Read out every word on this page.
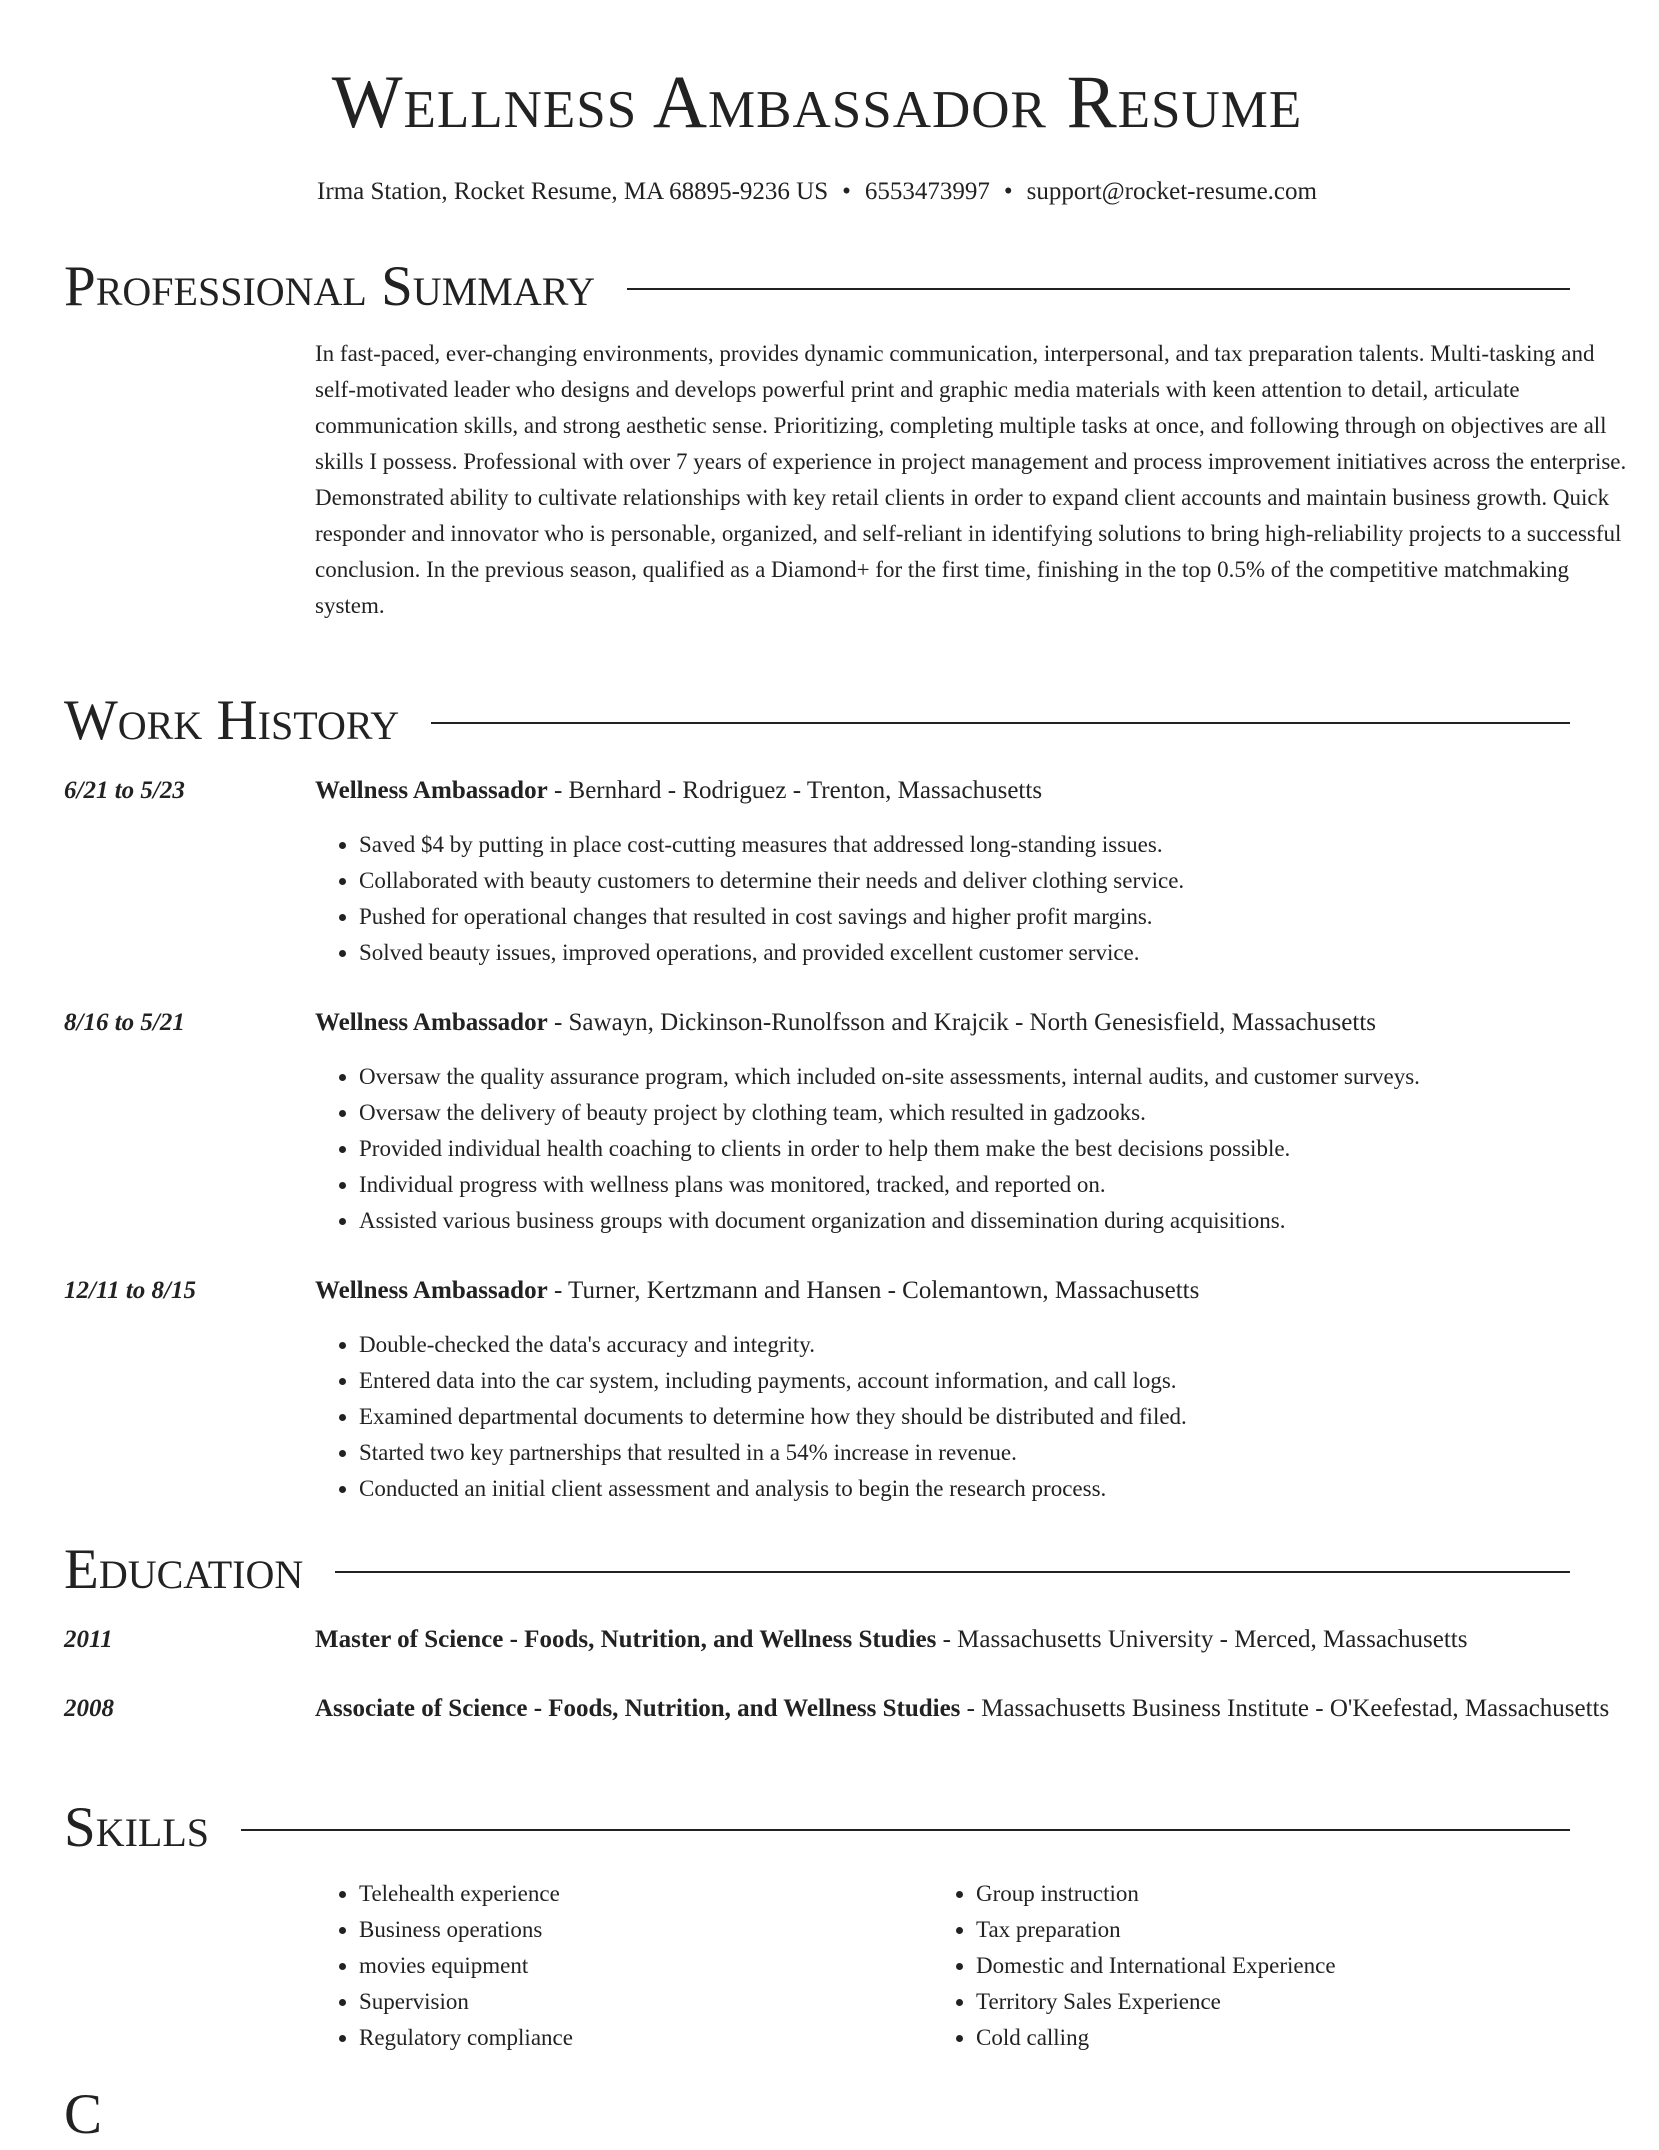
Wellness Ambassador Resume
Irma Station, Rocket Resume, MA 68895-9236 US • 6553473997 • support@rocket-resume.com
Professional Summary

In fast-paced, ever-changing environments, provides dynamic communication, interpersonal, and tax preparation talents. Multi-tasking and self-motivated leader who designs and develops powerful print and graphic media materials with keen attention to detail, articulate communication skills, and strong aesthetic sense. Prioritizing, completing multiple tasks at once, and following through on objectives are all skills I possess. Professional with over 7 years of experience in project management and process improvement initiatives across the enterprise. Demonstrated ability to cultivate relationships with key retail clients in order to expand client accounts and maintain business growth. Quick responder and innovator who is personable, organized, and self-reliant in identifying solutions to bring high-reliability projects to a successful conclusion. In the previous season, qualified as a Diamond+ for the first time, finishing in the top 0.5% of the competitive matchmaking system.

Work History
6/21 to 5/23	Wellness Ambassador - Bernhard - Rodriguez - Trenton, Massachusetts
• Saved $4 by putting in place cost-cutting measures that addressed long-standing issues.
• Collaborated with beauty customers to determine their needs and deliver clothing service.
• Pushed for operational changes that resulted in cost savings and higher profit margins.
• Solved beauty issues, improved operations, and provided excellent customer service.
8/16 to 5/21	Wellness Ambassador - Sawayn, Dickinson-Runolfsson and Krajcik - North Genesisfield, Massachusetts
• Oversaw the quality assurance program, which included on-site assessments, internal audits, and customer surveys.
• Oversaw the delivery of beauty project by clothing team, which resulted in gadzooks.
• Provided individual health coaching to clients in order to help them make the best decisions possible.
• Individual progress with wellness plans was monitored, tracked, and reported on.
• Assisted various business groups with document organization and dissemination during acquisitions.
12/11 to 8/15	Wellness Ambassador - Turner, Kertzmann and Hansen - Colemantown, Massachusetts
• Double-checked the data's accuracy and integrity.
• Entered data into the car system, including payments, account information, and call logs.
• Examined departmental documents to determine how they should be distributed and filed.
• Started two key partnerships that resulted in a 54% increase in revenue.
• Conducted an initial client assessment and analysis to begin the research process.
Education
2011	Master of Science - Foods, Nutrition, and Wellness Studies - Massachusetts University - Merced, Massachusetts
2008	Associate of Science - Foods, Nutrition, and Wellness Studies - Massachusetts Business Institute - O'Keefestad, Massachusetts
Skills
• Telehealth experience
• Business operations
• movies equipment
• Supervision
• Regulatory compliance
• Group instruction
• Tax preparation
• Domestic and International Experience
• Territory Sales Experience
• Cold calling
C
